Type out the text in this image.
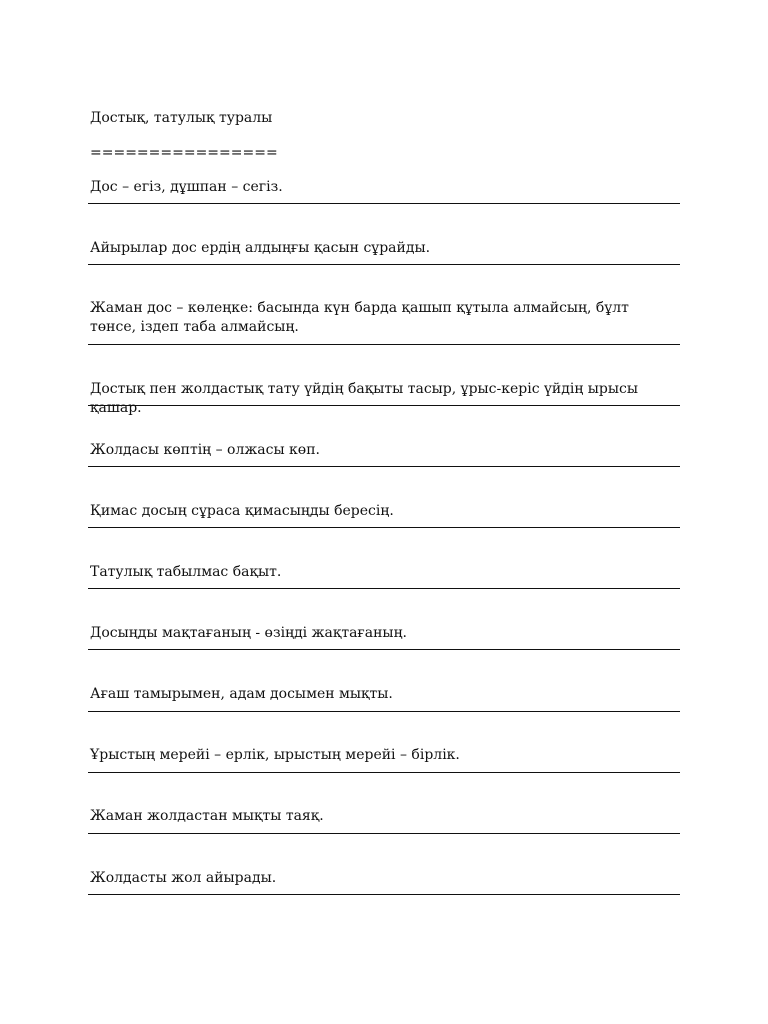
Достық, татулық туралы
================

Дос – егіз, дұшпан – сегіз.

Айырылар дос ердің алдыңғы қасын сұрайды.

Жаман дос – көлеңке: басында күн барда қашып құтыла алмайсың, бұлт төнсе, іздеп таба алмайсың.

Достық пен жолдастық тату үйдің бақыты тасыр, ұрыс-керіс үйдің ырысы қашар.

Жолдасы көптің – олжасы көп.

Қимас досың сұраса қимасыңды бересің.

Татулық табылмас бақыт.

Досыңды мақтағаның - өзіңді жақтағаның.

Ағаш тамырымен, адам досымен мықты.

Ұрыстың мерейі – ерлік, ырыстың мерейі – бірлік.

Жаман жолдастан мықты таяқ.

Жолдасты жол айырады.
